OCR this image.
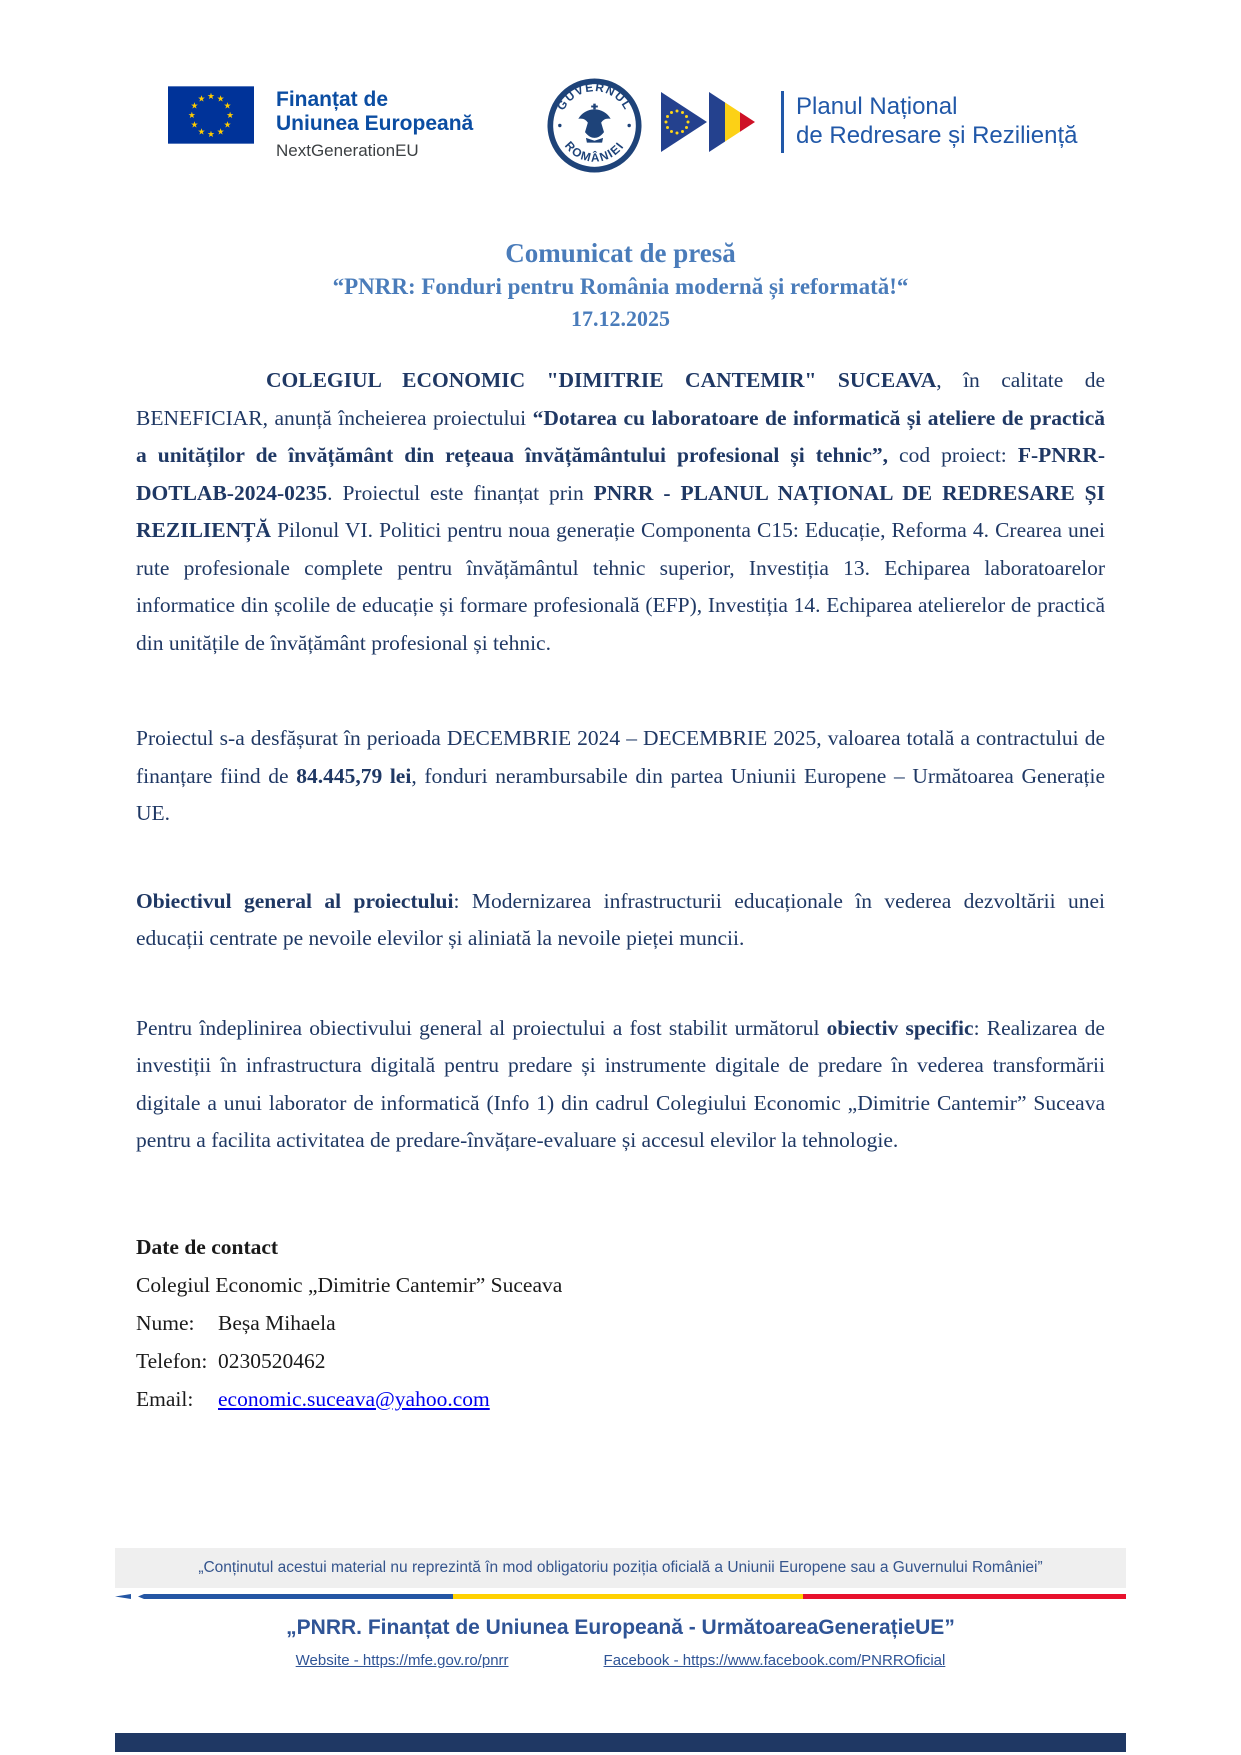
★ ★
★
★
★
★
★
★
★
★
★
★	Finanțat de
Uniunea Europeană
NextGenerationEU
GUVERNUL
ROMÂNIEI
Planul Național
de Redresare și Reziliență
Comunicat de presă
“PNRR: Fonduri pentru România modernă și reformată!“
17.12.2025

COLEGIUL ECONOMIC "DIMITRIE CANTEMIR" SUCEAVA, în calitate de BENEFICIAR, anunță încheierea proiectului “Dotarea cu laboratoare de informatică și ateliere de practică a unităților de învățământ din rețeaua învățământului profesional și tehnic”, cod proiect: F-PNRR-DOTLAB-2024-0235. Proiectul este finanțat prin PNRR - PLANUL NAȚIONAL DE REDRESARE ȘI REZILIENȚĂ Pilonul VI. Politici pentru noua generație Componenta C15: Educație, Reforma 4. Crearea unei rute profesionale complete pentru învățământul tehnic superior, Investiția 13. Echiparea laboratoarelor informatice din școlile de educație și formare profesională (EFP), Investiția 14. Echiparea atelierelor de practică din unitățile de învățământ profesional și tehnic.

Proiectul s-a desfășurat în perioada DECEMBRIE 2024 – DECEMBRIE 2025, valoarea totală a contractului de finanțare fiind de 84.445,79 lei, fonduri nerambursabile din partea Uniunii Europene – Următoarea Generație UE.

Obiectivul general al proiectului: Modernizarea infrastructurii educaționale în vederea dezvoltării unei educații centrate pe nevoile elevilor și aliniată la nevoile pieței muncii.

Pentru îndeplinirea obiectivului general al proiectului a fost stabilit următorul obiectiv specific: Realizarea de investiții în infrastructura digitală pentru predare și instrumente digitale de predare în vederea transformării digitale a unui laborator de informatică (Info 1) din cadrul Colegiului Economic „Dimitrie Cantemir” Suceava pentru a facilita activitatea de predare-învățare-evaluare și accesul elevilor la tehnologie.

Date de contact
Colegiul Economic „Dimitrie Cantemir” Suceava
Nume: Beșa Mihaela
Telefon: 0230520462
Email: economic.suceava@yahoo.com
„Conținutul acestui material nu reprezintă în mod obligatoriu poziția oficială a Uniunii Europene sau a Guvernului României”
„PNRR. Finanțat de Uniunea Europeană - UrmătoareaGenerațieUE”
Website - https://mfe.gov.ro/pnrr	Facebook - https://www.facebook.com/PNRROficial
